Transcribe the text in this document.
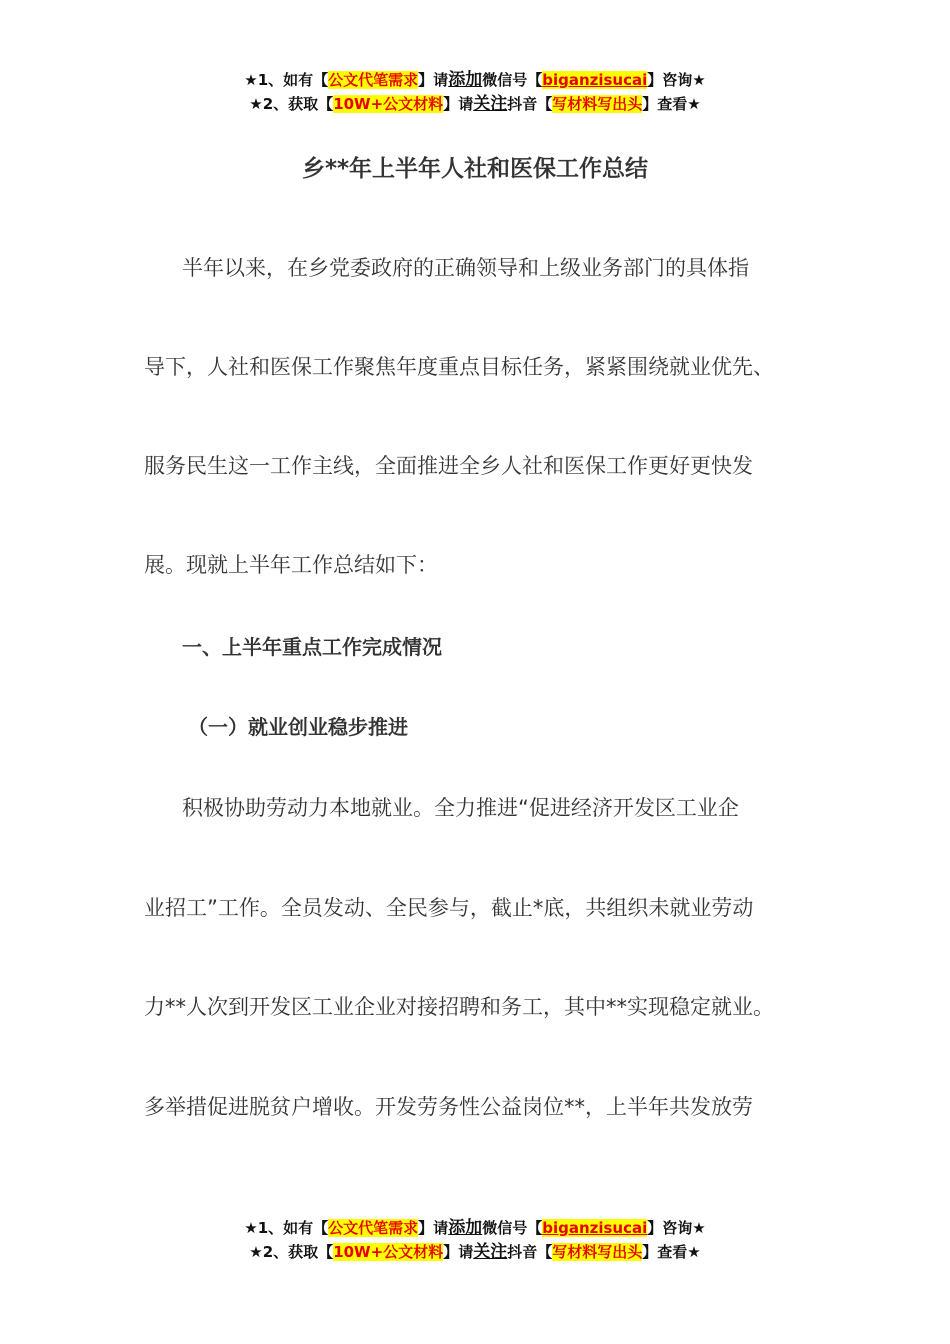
★1、如有【公文代笔需求】请添加微信号【biganzisucai】咨询★
★2、获取【10W+公文材料】请关注抖音【写材料写出头】查看★
乡**年上半年人社和医保工作总结
半年以来，在乡党委政府的正确领导和上级业务部门的具体指
导下，人社和医保工作聚焦年度重点目标任务，紧紧围绕就业优先、
服务民生这一工作主线，全面推进全乡人社和医保工作更好更快发
展。现就上半年工作总结如下：
一、上半年重点工作完成情况
（一）就业创业稳步推进
积极协助劳动力本地就业。全力推进“促进经济开发区工业企
业招工”工作。全员发动、全民参与，截止*底，共组织未就业劳动
力**人次到开发区工业企业对接招聘和务工，其中**实现稳定就业。
多举措促进脱贫户增收。开发劳务性公益岗位**，上半年共发放劳
★1、如有【公文代笔需求】请添加微信号【biganzisucai】咨询★
★2、获取【10W+公文材料】请关注抖音【写材料写出头】查看★
